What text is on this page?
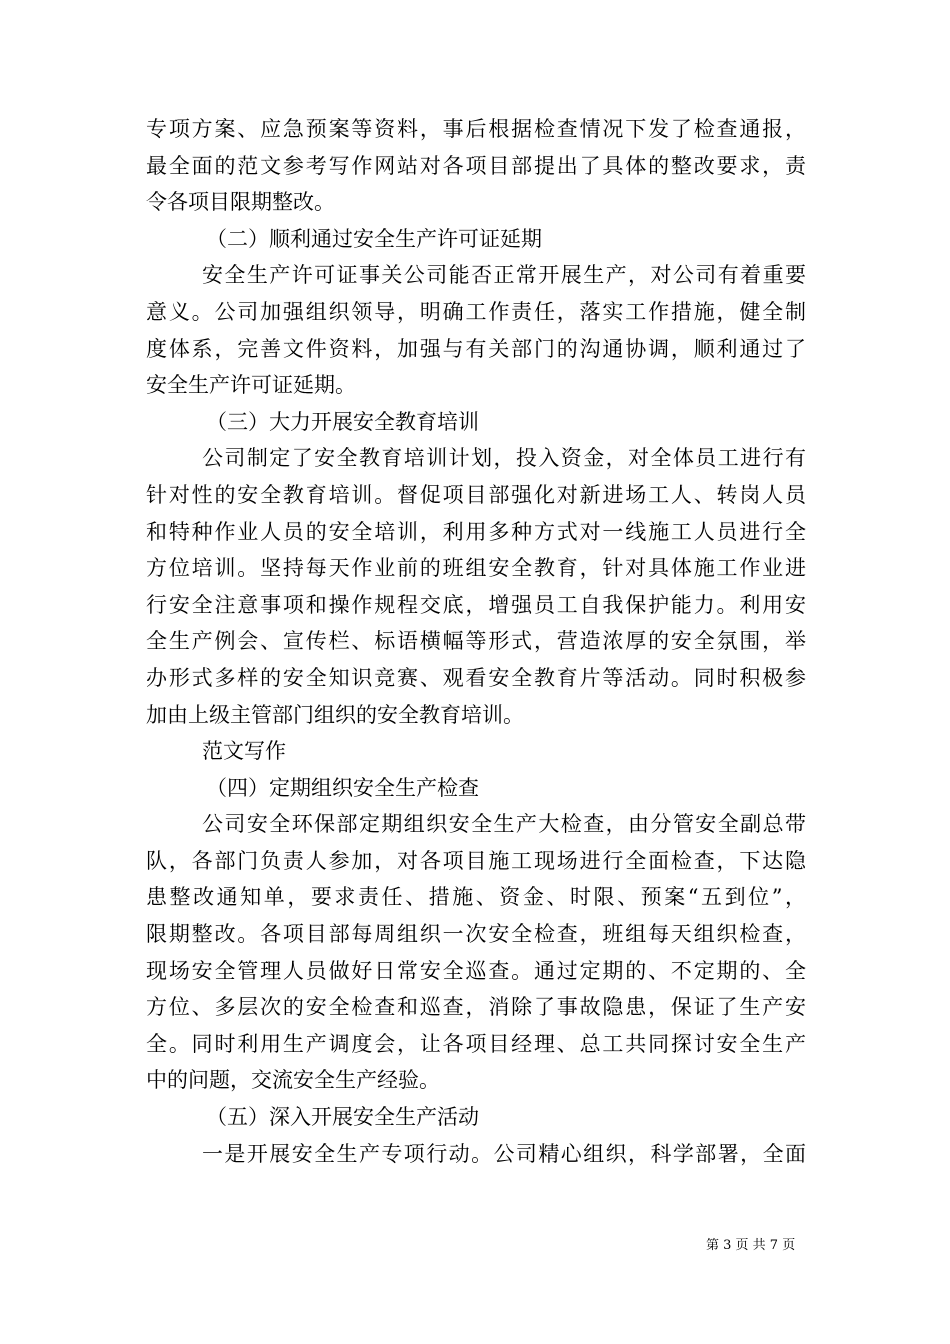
专项方案、应急预案等资料，事后根据检查情况下发了检查通报，
最全面的范文参考写作网站对各项目部提出了具体的整改要求，责
令各项目限期整改。
（二）顺利通过安全生产许可证延期
安全生产许可证事关公司能否正常开展生产，对公司有着重要
意义。公司加强组织领导，明确工作责任，落实工作措施，健全制
度体系，完善文件资料，加强与有关部门的沟通协调，顺利通过了
安全生产许可证延期。
（三）大力开展安全教育培训
公司制定了安全教育培训计划，投入资金，对全体员工进行有
针对性的安全教育培训。督促项目部强化对新进场工人、转岗人员
和特种作业人员的安全培训，利用多种方式对一线施工人员进行全
方位培训。坚持每天作业前的班组安全教育，针对具体施工作业进
行安全注意事项和操作规程交底，增强员工自我保护能力。利用安
全生产例会、宣传栏、标语横幅等形式，营造浓厚的安全氛围，举
办形式多样的安全知识竞赛、观看安全教育片等活动。同时积极参
加由上级主管部门组织的安全教育培训。
范文写作
（四）定期组织安全生产检查
公司安全环保部定期组织安全生产大检查，由分管安全副总带
队，各部门负责人参加，对各项目施工现场进行全面检查，下达隐
患整改通知单，要求责任、措施、资金、时限、预案“五到位”，
限期整改。各项目部每周组织一次安全检查，班组每天组织检查，
现场安全管理人员做好日常安全巡查。通过定期的、不定期的、全
方位、多层次的安全检查和巡查，消除了事故隐患，保证了生产安
全。同时利用生产调度会，让各项目经理、总工共同探讨安全生产
中的问题，交流安全生产经验。
（五）深入开展安全生产活动
一是开展安全生产专项行动。公司精心组织，科学部署，全面
第 3 页 共 7 页
